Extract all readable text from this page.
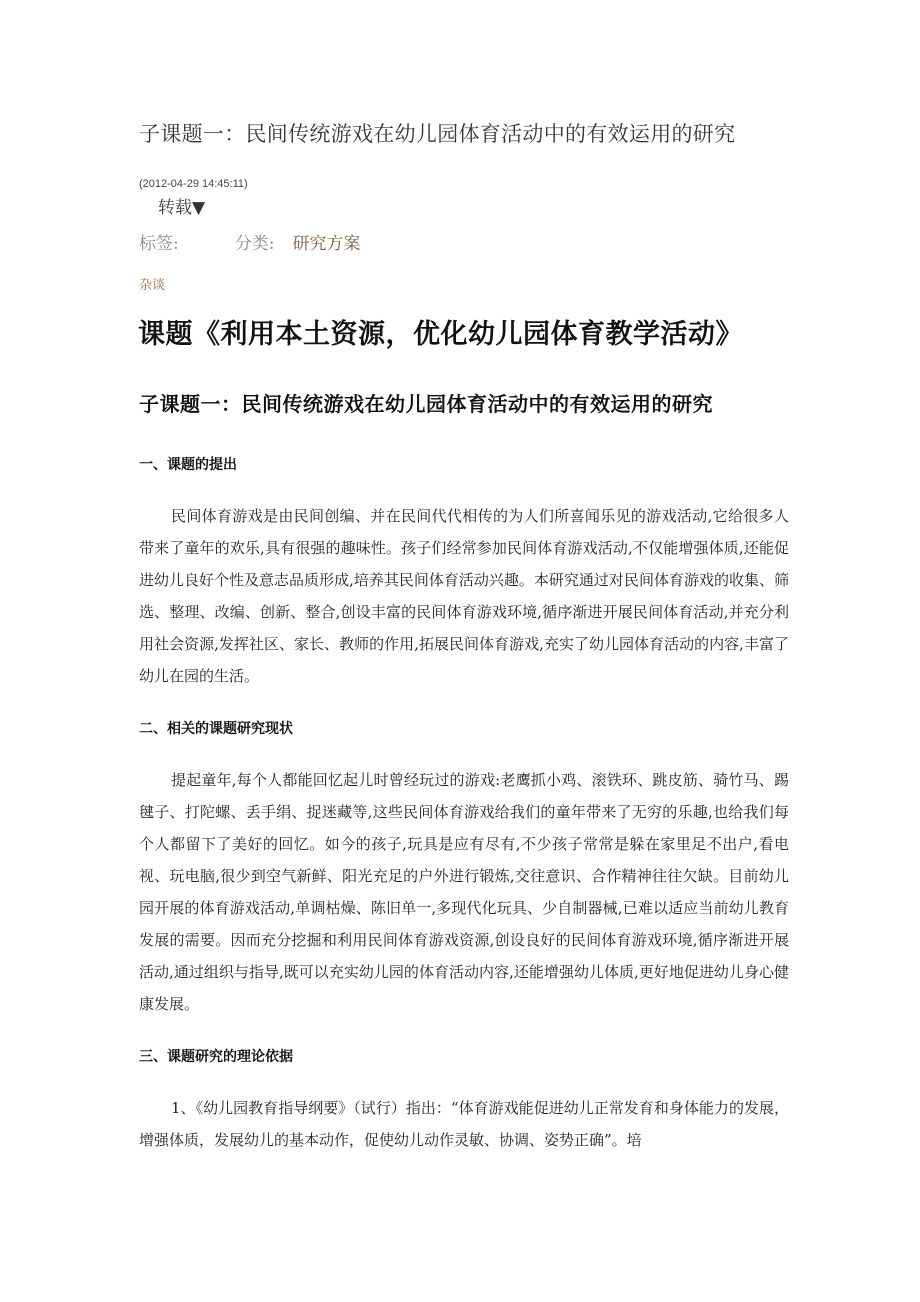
子课题一：民间传统游戏在幼儿园体育活动中的有效运用的研究
(2012-04-29 14:45:11)
转载▼
标签:	分类: 研究方案
杂谈
课题《利用本土资源，优化幼儿园体育教学活动》
子课题一：民间传统游戏在幼儿园体育活动中的有效运用的研究
一、课题的提出

民间体育游戏是由民间创编、并在民间代代相传的为人们所喜闻乐见的游戏活动,它给很多人带来了童年的欢乐,具有很强的趣味性。孩子们经常参加民间体育游戏活动,不仅能增强体质,还能促进幼儿良好个性及意志品质形成,培养其民间体育活动兴趣。本研究通过对民间体育游戏的收集、筛选、整理、改编、创新、整合,创设丰富的民间体育游戏环境,循序渐进开展民间体育活动,并充分利用社会资源,发挥社区、家长、教师的作用,拓展民间体育游戏,充实了幼儿园体育活动的内容,丰富了幼儿在园的生活。

二、相关的课题研究现状

提起童年,每个人都能回忆起儿时曾经玩过的游戏:老鹰抓小鸡、滚铁环、跳皮筋、骑竹马、踢毽子、打陀螺、丢手绢、捉迷藏等,这些民间体育游戏给我们的童年带来了无穷的乐趣,也给我们每个人都留下了美好的回忆。如今的孩子,玩具是应有尽有,不少孩子常常是躲在家里足不出户,看电视、玩电脑,很少到空气新鲜、阳光充足的户外进行锻炼,交往意识、合作精神往往欠缺。目前幼儿园开展的体育游戏活动,单调枯燥、陈旧单一,多现代化玩具、少自制器械,已难以适应当前幼儿教育发展的需要。因而充分挖掘和利用民间体育游戏资源,创设良好的民间体育游戏环境,循序渐进开展活动,通过组织与指导,既可以充实幼儿园的体育活动内容,还能增强幼儿体质,更好地促进幼儿身心健康发展。

三、课题研究的理论依据

1、《幼儿园教育指导纲要》（试行）指出：“体育游戏能促进幼儿正常发育和身体能力的发展，增强体质，发展幼儿的基本动作，促使幼儿动作灵敏、协调、姿势正确”。培
